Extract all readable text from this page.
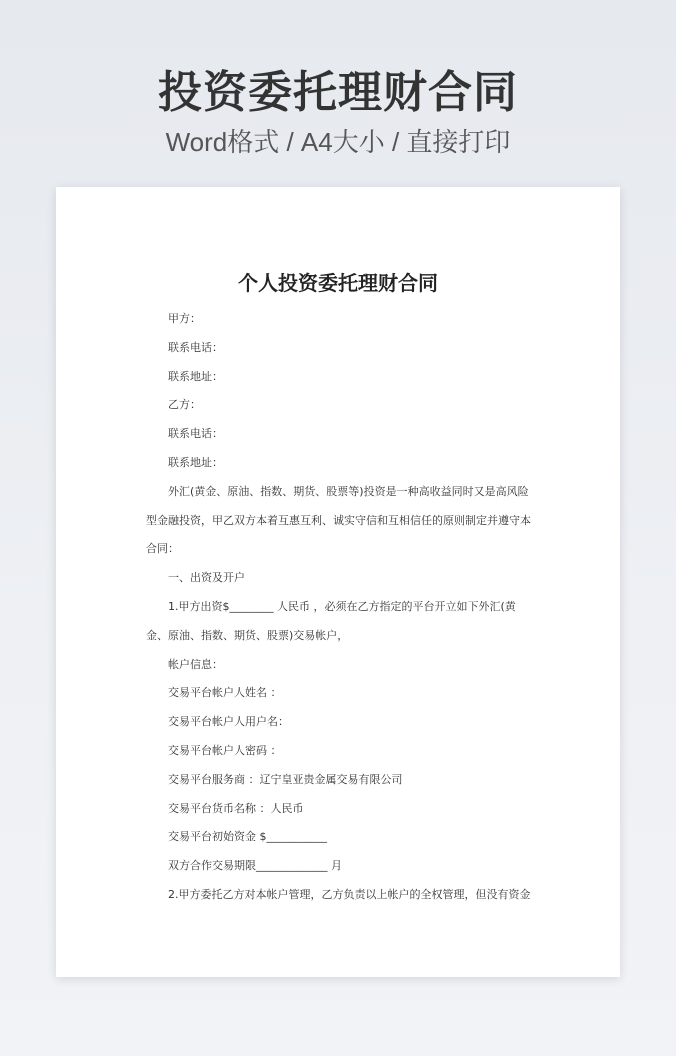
投资委托理财合同
Word格式 / A4大小 / 直接打印
个人投资委托理财合同
甲方：
联系电话：
联系地址：
乙方：
联系电话：
联系地址：
外汇(黄金、原油、指数、期货、股票等)投资是一种高收益同时又是高风险
型金融投资，甲乙双方本着互惠互利、诚实守信和互相信任的原则制定并遵守本
合同：
一、出资及开户
1.甲方出资$________ 人民币 ，必须在乙方指定的平台开立如下外汇(黄
金、原油、指数、期货、股票)交易帐户，
帐户信息：
交易平台帐户人姓名 ：
交易平台帐户人用户名：
交易平台帐户人密码 ：
交易平台服务商 ：辽宁皇亚贵金属交易有限公司
交易平台货币名称 ：人民币
交易平台初始资金 $___________
双方合作交易期限_____________ 月
2.甲方委托乙方对本帐户管理，乙方负责以上帐户的全权管理，但没有资金
